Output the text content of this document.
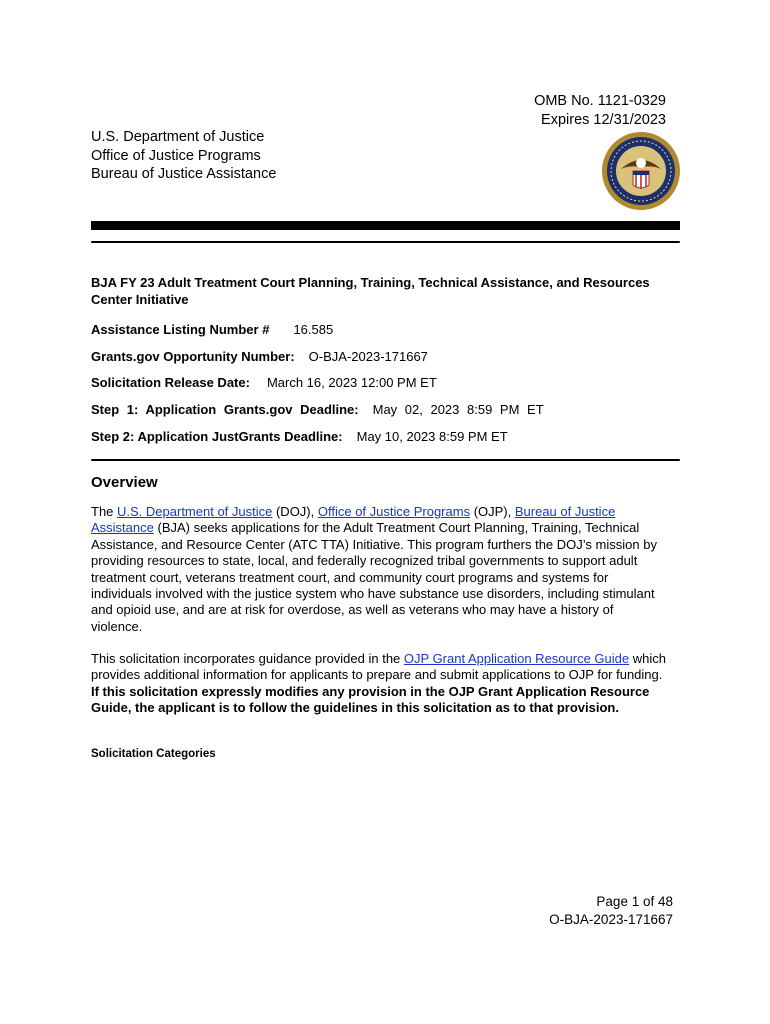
OMB No. 1121-0329
Expires 12/31/2023
U.S. Department of Justice
Office of Justice Programs
Bureau of Justice Assistance
BJA FY 23 Adult Treatment Court Planning, Training, Technical Assistance, and Resources Center Initiative
Assistance Listing Number # 16.585
Grants.gov Opportunity Number: O-BJA-2023-171667
Solicitation Release Date: March 16, 2023 12:00 PM ET
Step 1: Application Grants.gov Deadline: May 02, 2023 8:59 PM ET
Step 2: Application JustGrants Deadline: May 10, 2023 8:59 PM ET
Overview
The U.S. Department of Justice (DOJ), Office of Justice Programs (OJP), Bureau of Justice Assistance (BJA) seeks applications for the Adult Treatment Court Planning, Training, Technical Assistance, and Resource Center (ATC TTA) Initiative. This program furthers the DOJ’s mission by providing resources to state, local, and federally recognized tribal governments to support adult treatment court, veterans treatment court, and community court programs and systems for individuals involved with the justice system who have substance use disorders, including stimulant and opioid use, and are at risk for overdose, as well as veterans who may have a history of violence.
This solicitation incorporates guidance provided in the OJP Grant Application Resource Guide which provides additional information for applicants to prepare and submit applications to OJP for funding. If this solicitation expressly modifies any provision in the OJP Grant Application Resource Guide, the applicant is to follow the guidelines in this solicitation as to that provision.
Solicitation Categories
Page 1 of 48
O-BJA-2023-171667
